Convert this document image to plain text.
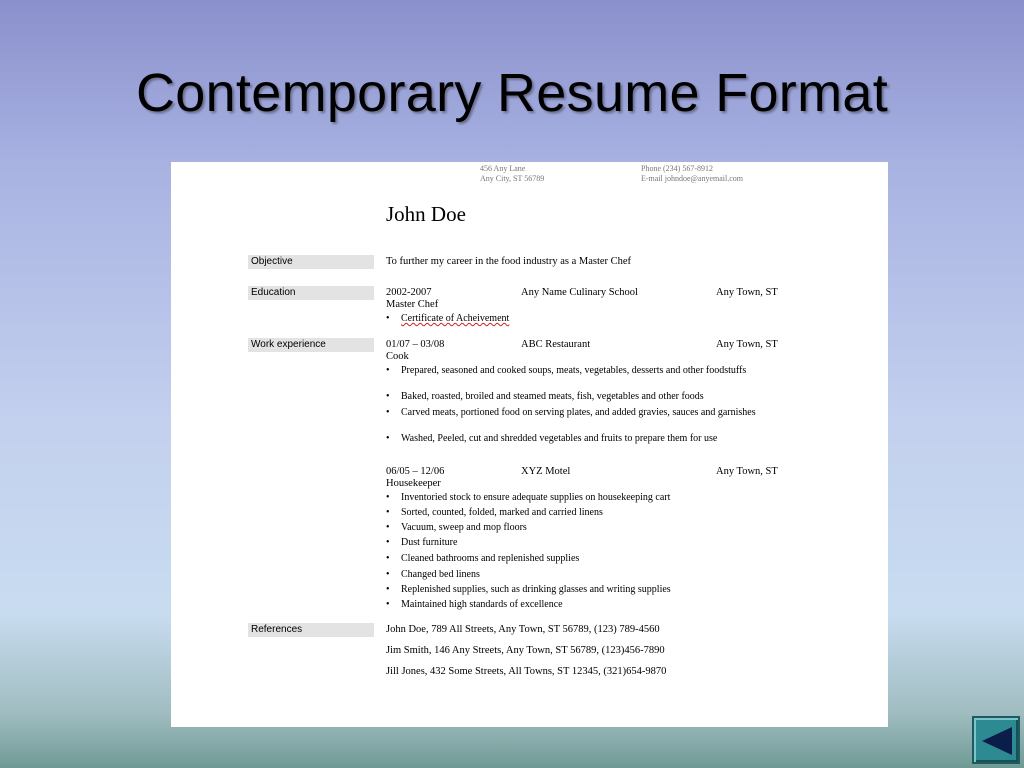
Contemporary Resume Format
456 Any Lane
Any City, ST 56789
Phone (234) 567-8912
E-mail johndoe@anyemail.com
John Doe
Objective	To further my career in the food industry as a Master Chef
Education	2002-2007	Any Name Culinary School	Any Town, ST
Master Chef
• Certificate of Acheivement
Work experience	01/07 – 03/08	ABC Restaurant	Any Town, ST
Cook
• Prepared, seasoned and cooked soups, meats, vegetables, desserts and other foodstuffs
• Baked, roasted, broiled and steamed meats, fish, vegetables and other foods
• Carved meats, portioned food on serving plates, and added gravies, sauces and garnishes
• Washed, Peeled, cut and shredded vegetables and fruits to prepare them for use
06/05 – 12/06	XYZ Motel	Any Town, ST
Housekeeper
• Inventoried stock to ensure adequate supplies on housekeeping cart
• Sorted, counted, folded, marked and carried linens
• Vacuum, sweep and mop floors
• Dust furniture
• Cleaned bathrooms and replenished supplies
• Changed bed linens
• Replenished supplies, such as drinking glasses and writing supplies
• Maintained high standards of excellence
References	John Doe, 789 All Streets, Any Town, ST 56789, (123) 789-4560
Jim Smith, 146 Any Streets, Any Town, ST 56789, (123)456-7890
Jill Jones, 432 Some Streets, All Towns, ST 12345, (321)654-9870
